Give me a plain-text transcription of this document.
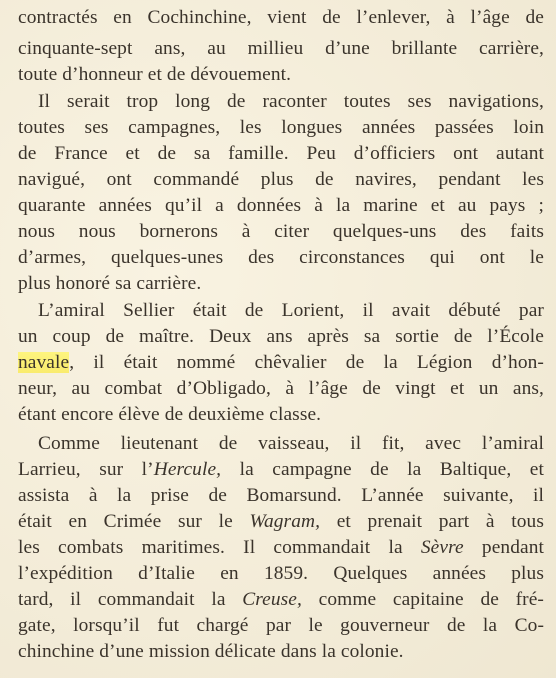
contractés en Cochinchine, vient de l’enlever, à l’âge de
cinquante-sept ans, au millieu d’une brillante carrière,
toute d’honneur et de dévouement.
Il serait trop long de raconter toutes ses navigations,
toutes ses campagnes, les longues années passées loin
de France et de sa famille. Peu d’officiers ont autant
navigué, ont commandé plus de navires, pendant les
quarante années qu’il a données à la marine et au pays ;
nous nous bornerons à citer quelques-uns des faits
d’armes, quelques-unes des circonstances qui ont le
plus honoré sa carrière.
L’amiral Sellier était de Lorient, il avait débuté par
un coup de maître. Deux ans après sa sortie de l’École
navale, il était nommé chêvalier de la Légion d’hon-
neur, au combat d’Obligado, à l’âge de vingt et un ans,
étant encore élève de deuxième classe.
Comme lieutenant de vaisseau, il fit, avec l’amiral
Larrieu, sur l’Hercule, la campagne de la Baltique, et
assista à la prise de Bomarsund. L’année suivante, il
était en Crimée sur le Wagram, et prenait part à tous
les combats maritimes. Il commandait la Sèvre pendant
l’expédition d’Italie en 1859. Quelques années plus
tard, il commandait la Creuse, comme capitaine de fré-
gate, lorsqu’il fut chargé par le gouverneur de la Co-
chinchine d’une mission délicate dans la colonie.
